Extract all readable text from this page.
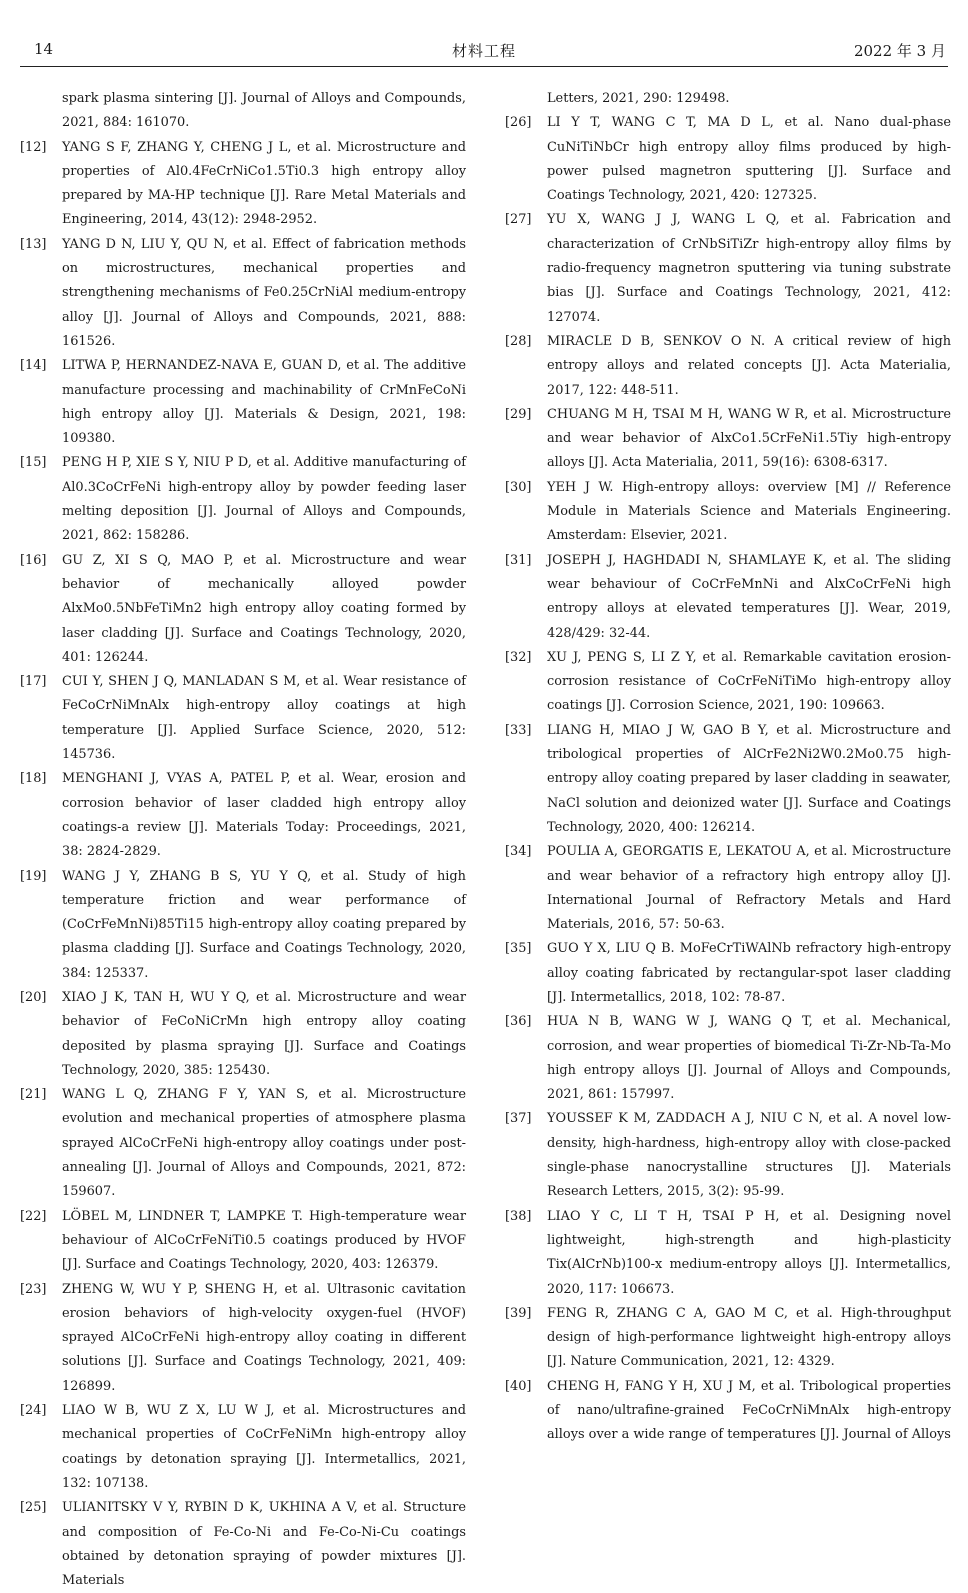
14	材料工程	2022 年 3 月

spark plasma sintering [J]. Journal of Alloys and Compounds, 2021, 884: 161070.

[12] YANG S F, ZHANG Y, CHENG J L, et al. Microstructure and properties of Al0.4FeCrNiCo1.5Ti0.3 high entropy alloy prepared by MA-HP technique [J]. Rare Metal Materials and Engineering, 2014, 43(12): 2948-2952.

[13] YANG D N, LIU Y, QU N, et al. Effect of fabrication methods on microstructures, mechanical properties and strengthening mechanisms of Fe0.25CrNiAl medium-entropy alloy [J]. Journal of Alloys and Compounds, 2021, 888: 161526.

[14] LITWA P, HERNANDEZ-NAVA E, GUAN D, et al. The additive manufacture processing and machinability of CrMnFeCoNi high entropy alloy [J]. Materials & Design, 2021, 198: 109380.

[15] PENG H P, XIE S Y, NIU P D, et al. Additive manufacturing of Al0.3CoCrFeNi high-entropy alloy by powder feeding laser melting deposition [J]. Journal of Alloys and Compounds, 2021, 862: 158286.

[16] GU Z, XI S Q, MAO P, et al. Microstructure and wear behavior of mechanically alloyed powder AlxMo0.5NbFeTiMn2 high entropy alloy coating formed by laser cladding [J]. Surface and Coatings Technology, 2020, 401: 126244.

[17] CUI Y, SHEN J Q, MANLADAN S M, et al. Wear resistance of FeCoCrNiMnAlx high-entropy alloy coatings at high temperature [J]. Applied Surface Science, 2020, 512: 145736.

[18] MENGHANI J, VYAS A, PATEL P, et al. Wear, erosion and corrosion behavior of laser cladded high entropy alloy coatings-a review [J]. Materials Today: Proceedings, 2021, 38: 2824-2829.

[19] WANG J Y, ZHANG B S, YU Y Q, et al. Study of high temperature friction and wear performance of (CoCrFeMnNi)85Ti15 high-entropy alloy coating prepared by plasma cladding [J]. Surface and Coatings Technology, 2020, 384: 125337.

[20] XIAO J K, TAN H, WU Y Q, et al. Microstructure and wear behavior of FeCoNiCrMn high entropy alloy coating deposited by plasma spraying [J]. Surface and Coatings Technology, 2020, 385: 125430.

[21] WANG L Q, ZHANG F Y, YAN S, et al. Microstructure evolution and mechanical properties of atmosphere plasma sprayed AlCoCrFeNi high-entropy alloy coatings under post-annealing [J]. Journal of Alloys and Compounds, 2021, 872: 159607.

[22] LÖBEL M, LINDNER T, LAMPKE T. High-temperature wear behaviour of AlCoCrFeNiTi0.5 coatings produced by HVOF [J]. Surface and Coatings Technology, 2020, 403: 126379.

[23] ZHENG W, WU Y P, SHENG H, et al. Ultrasonic cavitation erosion behaviors of high-velocity oxygen-fuel (HVOF) sprayed AlCoCrFeNi high-entropy alloy coating in different solutions [J]. Surface and Coatings Technology, 2021, 409: 126899.

[24] LIAO W B, WU Z X, LU W J, et al. Microstructures and mechanical properties of CoCrFeNiMn high-entropy alloy coatings by detonation spraying [J]. Intermetallics, 2021, 132: 107138.

[25] ULIANITSKY V Y, RYBIN D K, UKHINA A V, et al. Structure and composition of Fe-Co-Ni and Fe-Co-Ni-Cu coatings obtained by detonation spraying of powder mixtures [J]. Materials

Letters, 2021, 290: 129498.

[26] LI Y T, WANG C T, MA D L, et al. Nano dual-phase CuNiTiNbCr high entropy alloy films produced by high-power pulsed magnetron sputtering [J]. Surface and Coatings Technology, 2021, 420: 127325.

[27] YU X, WANG J J, WANG L Q, et al. Fabrication and characterization of CrNbSiTiZr high-entropy alloy films by radio-frequency magnetron sputtering via tuning substrate bias [J]. Surface and Coatings Technology, 2021, 412: 127074.

[28] MIRACLE D B, SENKOV O N. A critical review of high entropy alloys and related concepts [J]. Acta Materialia, 2017, 122: 448-511.

[29] CHUANG M H, TSAI M H, WANG W R, et al. Microstructure and wear behavior of AlxCo1.5CrFeNi1.5Tiy high-entropy alloys [J]. Acta Materialia, 2011, 59(16): 6308-6317.

[30] YEH J W. High-entropy alloys: overview [M] // Reference Module in Materials Science and Materials Engineering. Amsterdam: Elsevier, 2021.

[31] JOSEPH J, HAGHDADI N, SHAMLAYE K, et al. The sliding wear behaviour of CoCrFeMnNi and AlxCoCrFeNi high entropy alloys at elevated temperatures [J]. Wear, 2019, 428/429: 32-44.

[32] XU J, PENG S, LI Z Y, et al. Remarkable cavitation erosion-corrosion resistance of CoCrFeNiTiMo high-entropy alloy coatings [J]. Corrosion Science, 2021, 190: 109663.

[33] LIANG H, MIAO J W, GAO B Y, et al. Microstructure and tribological properties of AlCrFe2Ni2W0.2Mo0.75 high-entropy alloy coating prepared by laser cladding in seawater, NaCl solution and deionized water [J]. Surface and Coatings Technology, 2020, 400: 126214.

[34] POULIA A, GEORGATIS E, LEKATOU A, et al. Microstructure and wear behavior of a refractory high entropy alloy [J]. International Journal of Refractory Metals and Hard Materials, 2016, 57: 50-63.

[35] GUO Y X, LIU Q B. MoFeCrTiWAlNb refractory high-entropy alloy coating fabricated by rectangular-spot laser cladding [J]. Intermetallics, 2018, 102: 78-87.

[36] HUA N B, WANG W J, WANG Q T, et al. Mechanical, corrosion, and wear properties of biomedical Ti-Zr-Nb-Ta-Mo high entropy alloys [J]. Journal of Alloys and Compounds, 2021, 861: 157997.

[37] YOUSSEF K M, ZADDACH A J, NIU C N, et al. A novel low-density, high-hardness, high-entropy alloy with close-packed single-phase nanocrystalline structures [J]. Materials Research Letters, 2015, 3(2): 95-99.

[38] LIAO Y C, LI T H, TSAI P H, et al. Designing novel lightweight, high-strength and high-plasticity Tix(AlCrNb)100-x medium-entropy alloys [J]. Intermetallics, 2020, 117: 106673.

[39] FENG R, ZHANG C A, GAO M C, et al. High-throughput design of high-performance lightweight high-entropy alloys [J]. Nature Communication, 2021, 12: 4329.

[40] CHENG H, FANG Y H, XU J M, et al. Tribological properties of nano/ultrafine-grained FeCoCrNiMnAlx high-entropy alloys over a wide range of temperatures [J]. Journal of Alloys
